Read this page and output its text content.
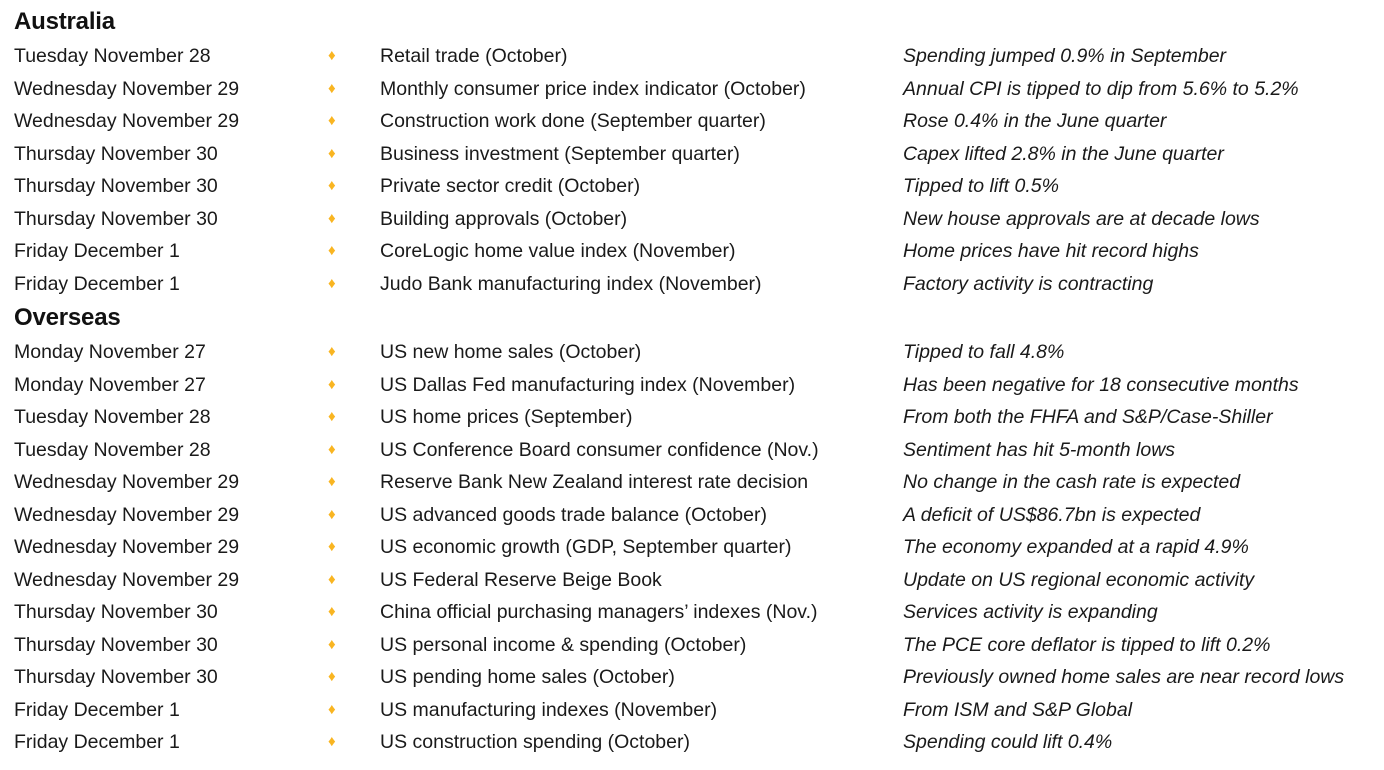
Australia
Tuesday November 28	♦	Retail trade (October)	Spending jumped 0.9% in September
Wednesday November 29	♦	Monthly consumer price index indicator (October)	Annual CPI is tipped to dip from 5.6% to 5.2%
Wednesday November 29	♦	Construction work done (September quarter)	Rose 0.4% in the June quarter
Thursday November 30	♦	Business investment (September quarter)	Capex lifted 2.8% in the June quarter
Thursday November 30	♦	Private sector credit (October)	Tipped to lift 0.5%
Thursday November 30	♦	Building approvals (October)	New house approvals are at decade lows
Friday December 1	♦	CoreLogic home value index (November)	Home prices have hit record highs
Friday December 1	♦	Judo Bank manufacturing index (November)	Factory activity is contracting
Overseas
Monday November 27	♦	US new home sales (October)	Tipped to fall 4.8%
Monday November 27	♦	US Dallas Fed manufacturing index (November)	Has been negative for 18 consecutive months
Tuesday November 28	♦	US home prices (September)	From both the FHFA and S&P/Case-Shiller
Tuesday November 28	♦	US Conference Board consumer confidence (Nov.)	Sentiment has hit 5-month lows
Wednesday November 29	♦	Reserve Bank New Zealand interest rate decision	No change in the cash rate is expected
Wednesday November 29	♦	US advanced goods trade balance (October)	A deficit of US$86.7bn is expected
Wednesday November 29	♦	US economic growth (GDP, September quarter)	The economy expanded at a rapid 4.9%
Wednesday November 29	♦	US Federal Reserve Beige Book	Update on US regional economic activity
Thursday November 30	♦	China official purchasing managers’ indexes (Nov.)	Services activity is expanding
Thursday November 30	♦	US personal income & spending (October)	The PCE core deflator is tipped to lift 0.2%
Thursday November 30	♦	US pending home sales (October)	Previously owned home sales are near record lows
Friday December 1	♦	US manufacturing indexes (November)	From ISM and S&P Global
Friday December 1	♦	US construction spending (October)	Spending could lift 0.4%
